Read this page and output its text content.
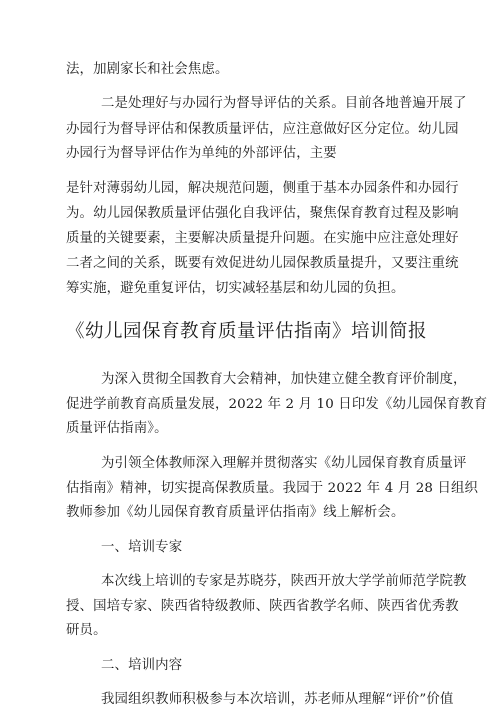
法，加剧家长和社会焦虑。
二是处理好与办园行为督导评估的关系。目前各地普遍开展了
办园行为督导评估和保教质量评估，应注意做好区分定位。幼儿园
办园行为督导评估作为单纯的外部评估，主要
是针对薄弱幼儿园，解决规范问题，侧重于基本办园条件和办园行
为。幼儿园保教质量评估强化自我评估，聚焦保育教育过程及影响
质量的关键要素，主要解决质量提升问题。在实施中应注意处理好
二者之间的关系，既要有效促进幼儿园保教质量提升，又要注重统
筹实施，避免重复评估，切实减轻基层和幼儿园的负担。
《幼儿园保育教育质量评估指南》培训简报
为深入贯彻全国教育大会精神，加快建立健全教育评价制度，
促进学前教育高质量发展，2022 年 2 月 10 日印发《幼儿园保育教育
质量评估指南》。
为引领全体教师深入理解并贯彻落实《幼儿园保育教育质量评
估指南》精神，切实提高保教质量。我园于 2022 年 4 月 28 日组织
教师参加《幼儿园保育教育质量评估指南》线上解析会。
一、培训专家
本次线上培训的专家是苏晓芬，陕西开放大学学前师范学院教
授、国培专家、陕西省特级教师、陕西省教学名师、陕西省优秀教
研员。
二、培训内容
我园组织教师积极参与本次培训，苏老师从理解“评价”价值
